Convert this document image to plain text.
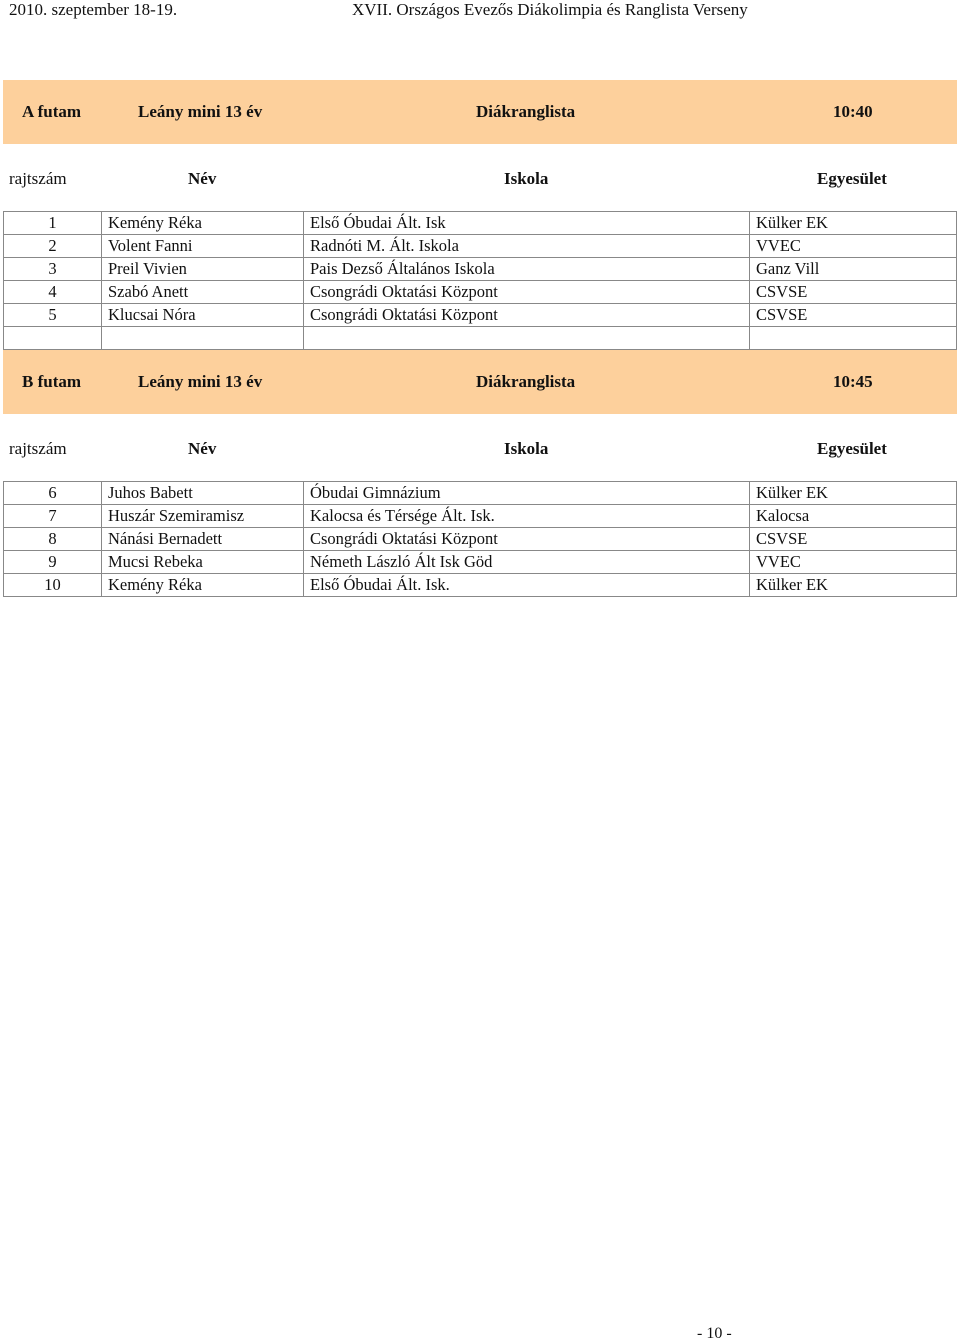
2010. szeptember 18-19.	XVII. Országos Evezős Diákolimpia és Ranglista Verseny
A futam	Leány mini 13 év	Diákranglista	10:40
rajtszám	Név	Iskola	Egyesület
1	Kemény Réka	Első Óbudai Ált. Isk	Külker EK
2	Volent Fanni	Radnóti M. Ált. Iskola	VVEC
3	Preil Vivien	Pais Dezső Általános Iskola	Ganz Vill
4	Szabó Anett	Csongrádi Oktatási Központ	CSVSE
5	Klucsai Nóra	Csongrádi Oktatási Központ	CSVSE

B futam	Leány mini 13 év	Diákranglista	10:45
rajtszám	Név	Iskola	Egyesület
6	Juhos Babett	Óbudai Gimnázium	Külker EK
7	Huszár Szemiramisz	Kalocsa és Térsége Ált. Isk.	Kalocsa
8	Nánási Bernadett	Csongrádi Oktatási Központ	CSVSE
9	Mucsi Rebeka	Németh László Ált Isk Göd	VVEC
10	Kemény Réka	Első Óbudai Ált. Isk.	Külker EK
- 10 -
